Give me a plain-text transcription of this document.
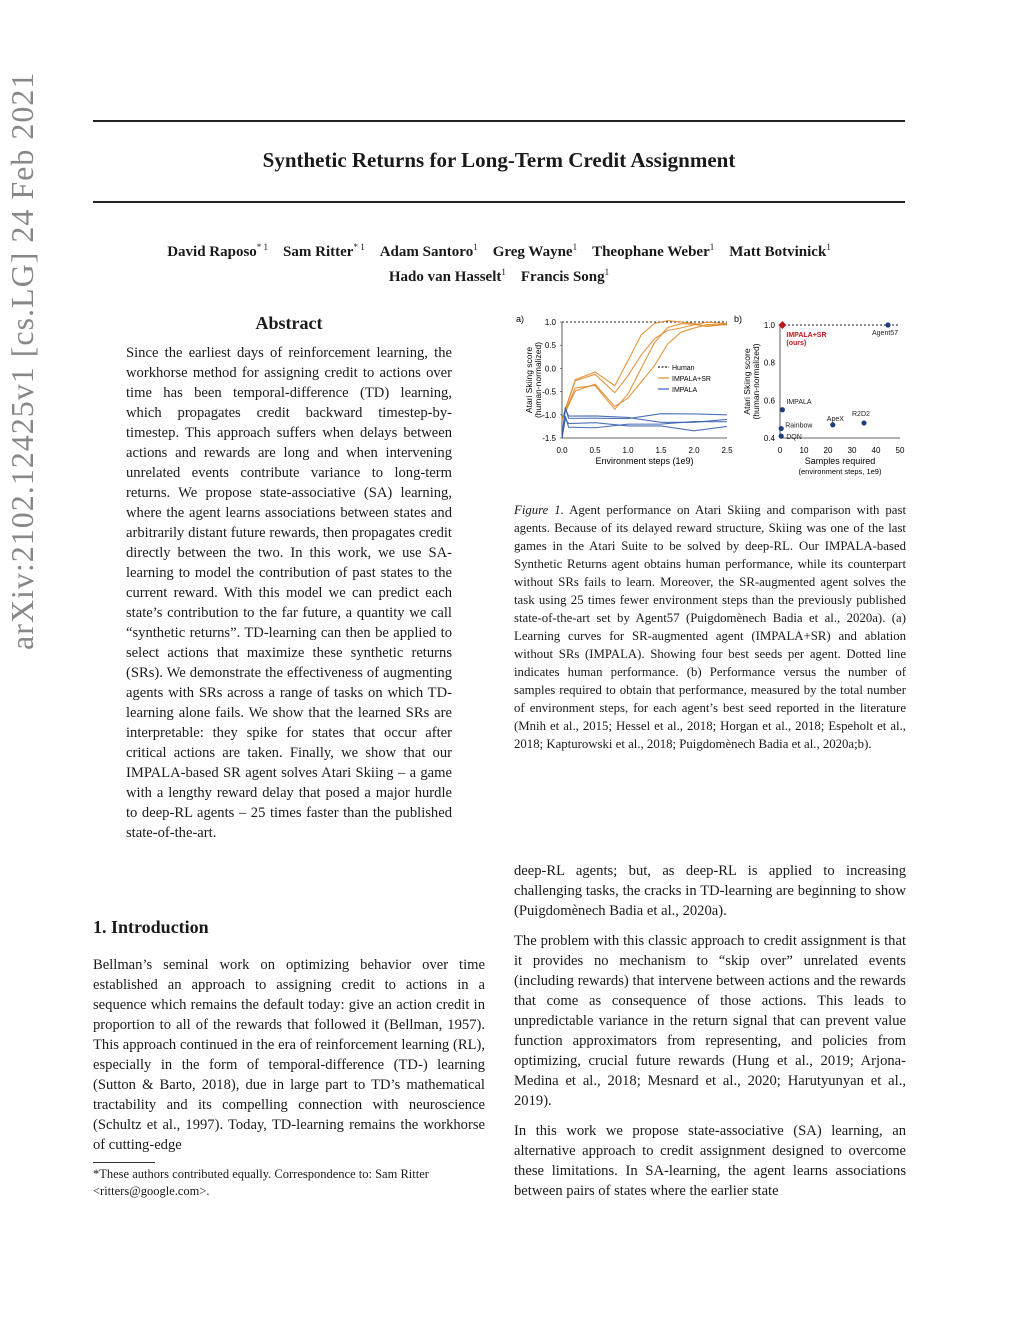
Synthetic Returns for Long-Term Credit Assignment
David Raposo$^{* 1}$  Sam Ritter$^{* 1}$  Adam Santoro$^1$  Greg Wayne$^1$  Theophane Weber$^1$  Matt Botvinick$^1$
Hado van Hasselt$^1$  Francis Song$^1$
arXiv:2102.12425v1 [cs.LG] 24 Feb 2021	Abstract
Since the earliest days of reinforcement learning, the workhorse method for assigning credit to actions over time has been temporal-difference (TD) learning, which propagates credit backward timestep-by-timestep. This approach suffers when delays between actions and rewards are long and when intervening unrelated events contribute variance to long-term returns. We propose state-associative (SA) learning, where the agent learns associations between states and arbitrarily distant future rewards, then propagates credit directly between the two. In this work, we use SA-learning to model the contribution of past states to the current reward. With this model we can predict each state’s contribution to the far future, a quantity we call “synthetic returns”. TD-learning can then be applied to select actions that maximize these synthetic returns (SRs). We demonstrate the effectiveness of augmenting agents with SRs across a range of tasks on which TD-learning alone fails. We show that the learned SRs are interpretable: they spike for states that occur after critical actions are taken. Finally, we show that our IMPALA-based SR agent solves Atari Skiing – a game with a lengthy reward delay that posed a major hurdle to deep-RL agents – 25 times faster than the published state-of-the-art.
1. Introduction

Bellman’s seminal work on optimizing behavior over time established an approach to assigning credit to actions in a sequence which remains the default today: give an action credit in proportion to all of the rewards that followed it (Bellman, 1957). This approach continued in the era of reinforcement learning (RL), especially in the form of temporal-difference (TD-) learning (Sutton & Barto, 2018), due in large part to TD’s mathematical tractability and its compelling connection with neuroscience (Schultz et al., 1997). Today, TD-learning remains the workhorse of cutting-edge

*These authors contributed equally. Correspondence to: Sam Ritter <ritters@google.com>.
a)
-1.5
-1.0
-0.5
0.0
0.5
1.0
0.0	0.5	1.0	1.5	2.0	2.5
Environment steps (1e9)
Atari Skiing score(human-normalized)	Human
IMPALA+SR
IMPALA
b)
0.4
0.6
0.8
1.0
0 10 20 30 40 50
Samples required
(environment steps, 1e9)
Atari Skiing score(human-normalized)
IMPALA+SR
(ours)
Agent57
IMPALA
Rainbow
DQN
ApeX
R2D2
Figure 1. Agent performance on Atari Skiing and comparison with past agents. Because of its delayed reward structure, Skiing was one of the last games in the Atari Suite to be solved by deep-RL. Our IMPALA-based Synthetic Returns agent obtains human performance, while its counterpart without SRs fails to learn. Moreover, the SR-augmented agent solves the task using 25 times fewer environment steps than the previously published state-of-the-art set by Agent57 (Puigdomènech Badia et al., 2020a). (a) Learning curves for SR-augmented agent (IMPALA+SR) and ablation without SRs (IMPALA). Showing four best seeds per agent. Dotted line indicates human performance. (b) Performance versus the number of samples required to obtain that performance, measured by the total number of environment steps, for each agent’s best seed reported in the literature (Mnih et al., 2015; Hessel et al., 2018; Horgan et al., 2018; Espeholt et al., 2018; Kapturowski et al., 2018; Puigdomènech Badia et al., 2020a;b).

deep-RL agents; but, as deep-RL is applied to increasing challenging tasks, the cracks in TD-learning are beginning to show (Puigdomènech Badia et al., 2020a).

The problem with this classic approach to credit assignment is that it provides no mechanism to “skip over” unrelated events (including rewards) that intervene between actions and the rewards that come as consequence of those actions. This leads to unpredictable variance in the return signal that can prevent value function approximators from representing, and policies from optimizing, crucial future rewards (Hung et al., 2019; Arjona-Medina et al., 2018; Mesnard et al., 2020; Harutyunyan et al., 2019).

In this work we propose state-associative (SA) learning, an alternative approach to credit assignment designed to overcome these limitations. In SA-learning, the agent learns associations between pairs of states where the earlier state
